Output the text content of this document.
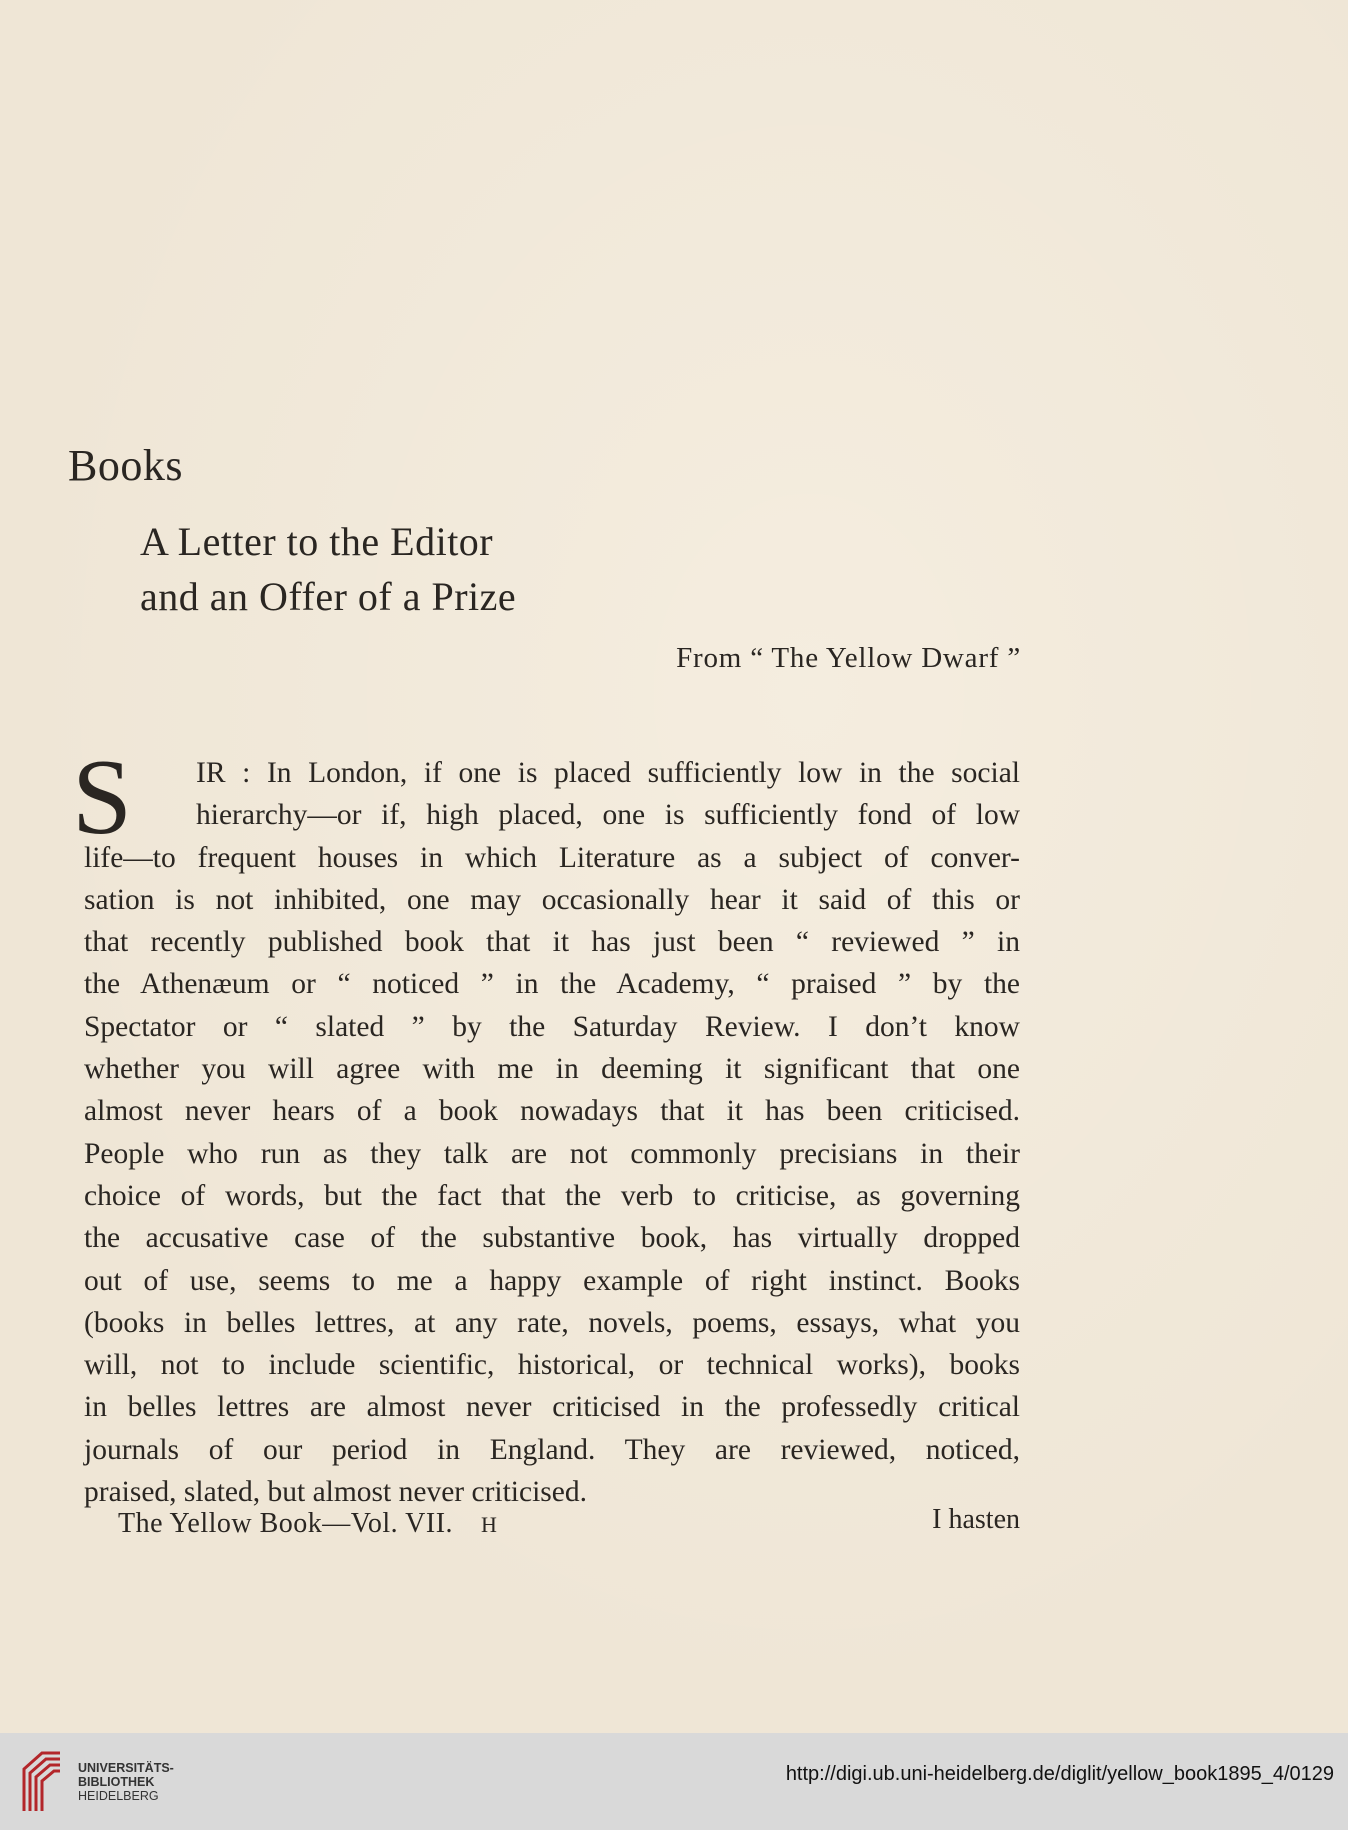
Books
A Letter to the Editor
and an Offer of a Prize
From “ The Yellow Dwarf ”
S	IR : In London, if one is placed sufficiently low in the social
hierarchy—or if, high placed, one is sufficiently fond of low
life—to frequent houses in which Literature as a subject of conver-
sation is not inhibited, one may occasionally hear it said of this or
that recently published book that it has just been “ reviewed ” in
the Athenæum or “ noticed ” in the Academy, “ praised ” by the
Spectator or “ slated ” by the Saturday Review. I don’t know
whether you will agree with me in deeming it significant that one
almost never hears of a book nowadays that it has been criticised.
People who run as they talk are not commonly precisians in their
choice of words, but the fact that the verb to criticise, as governing
the accusative case of the substantive book, has virtually dropped
out of use, seems to me a happy example of right instinct. Books
(books in belles lettres, at any rate, novels, poems, essays, what you
will, not to include scientific, historical, or technical works), books
in belles lettres are almost never criticised in the professedly critical
journals of our period in England. They are reviewed, noticed,
praised, slated, but almost never criticised.
The Yellow Book—Vol. VII. H	I hasten
UNIVERSITÄTS-
BIBLIOTHEK
HEIDELBERG
http://digi.ub.uni-heidelberg.de/diglit/yellow_book1895_4/0129
